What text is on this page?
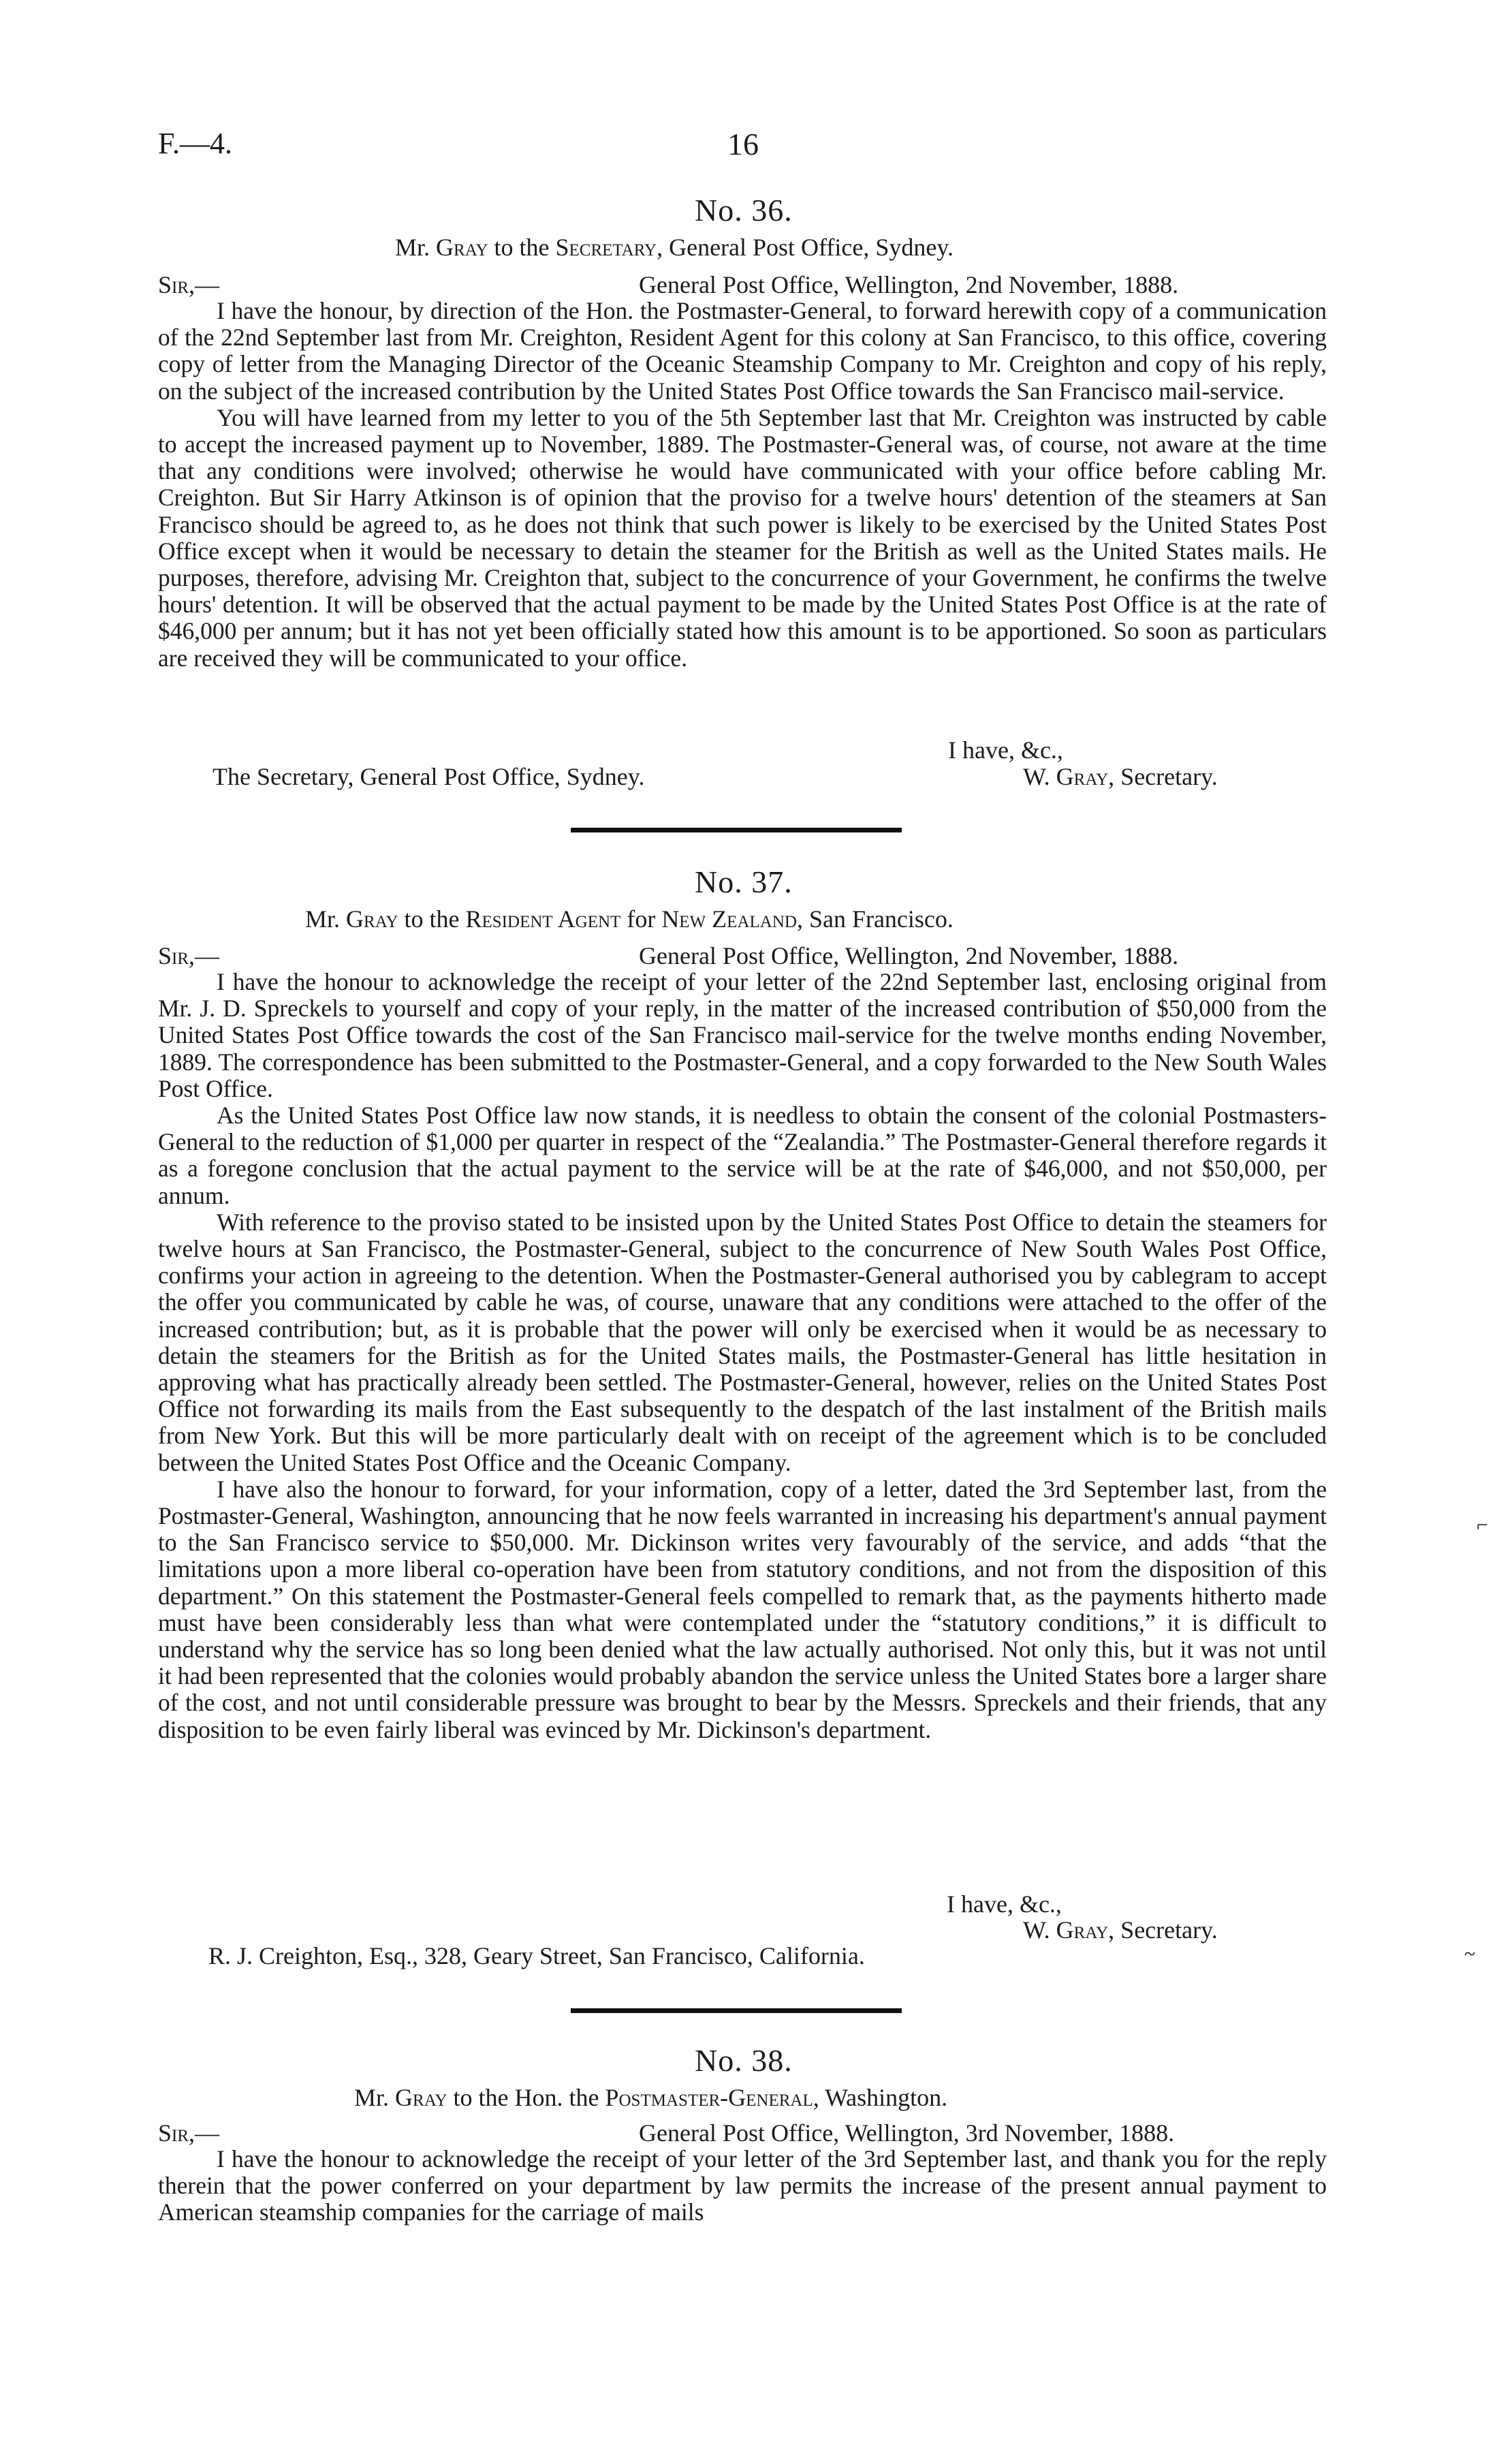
F.—4.	16
No. 36.
Mr. Gray to the Secretary, General Post Office, Sydney.
Sir,—	General Post Office, Wellington, 2nd November, 1888.

I have the honour, by direction of the Hon. the Postmaster-General, to forward herewith copy of a communication of the 22nd September last from Mr. Creighton, Resident Agent for this colony at San Francisco, to this office, covering copy of letter from the Managing Director of the Oceanic Steamship Company to Mr. Creighton and copy of his reply, on the subject of the increased contribution by the United States Post Office towards the San Francisco mail-service.

You will have learned from my letter to you of the 5th September last that Mr. Creighton was instructed by cable to accept the increased payment up to November, 1889. The Postmaster-General was, of course, not aware at the time that any conditions were involved; otherwise he would have communicated with your office before cabling Mr. Creighton. But Sir Harry Atkinson is of opinion that the proviso for a twelve hours' detention of the steamers at San Francisco should be agreed to, as he does not think that such power is likely to be exercised by the United States Post Office except when it would be necessary to detain the steamer for the British as well as the United States mails. He purposes, therefore, advising Mr. Creighton that, subject to the concurrence of your Government, he confirms the twelve hours' detention. It will be observed that the actual payment to be made by the United States Post Office is at the rate of $46,000 per annum; but it has not yet been officially stated how this amount is to be apportioned. So soon as particulars are received they will be communicated to your office.

I have, &c.,
The Secretary, General Post Office, Sydney.	W. Gray, Secretary.
No. 37.
Mr. Gray to the Resident Agent for New Zealand, San Francisco.
Sir,—	General Post Office, Wellington, 2nd November, 1888.

I have the honour to acknowledge the receipt of your letter of the 22nd September last, enclosing original from Mr. J. D. Spreckels to yourself and copy of your reply, in the matter of the increased contribution of $50,000 from the United States Post Office towards the cost of the San Francisco mail-service for the twelve months ending November, 1889. The correspondence has been submitted to the Postmaster-General, and a copy forwarded to the New South Wales Post Office.

As the United States Post Office law now stands, it is needless to obtain the consent of the colonial Postmasters-General to the reduction of $1,000 per quarter in respect of the “Zealandia.” The Postmaster-General therefore regards it as a foregone conclusion that the actual payment to the service will be at the rate of $46,000, and not $50,000, per annum.

With reference to the proviso stated to be insisted upon by the United States Post Office to detain the steamers for twelve hours at San Francisco, the Postmaster-General, subject to the concurrence of New South Wales Post Office, confirms your action in agreeing to the detention. When the Postmaster-General authorised you by cablegram to accept the offer you communicated by cable he was, of course, unaware that any conditions were attached to the offer of the increased contribution; but, as it is probable that the power will only be exercised when it would be as necessary to detain the steamers for the British as for the United States mails, the Postmaster-General has little hesitation in approving what has practically already been settled. The Postmaster-General, however, relies on the United States Post Office not forwarding its mails from the East subsequently to the despatch of the last instalment of the British mails from New York. But this will be more particularly dealt with on receipt of the agreement which is to be concluded between the United States Post Office and the Oceanic Company.

I have also the honour to forward, for your information, copy of a letter, dated the 3rd September last, from the Postmaster-General, Washington, announcing that he now feels warranted in increasing his department's annual payment to the San Francisco service to $50,000. Mr. Dickinson writes very favourably of the service, and adds “that the limitations upon a more liberal co-operation have been from statutory conditions, and not from the disposition of this department.” On this statement the Postmaster-General feels compelled to remark that, as the payments hitherto made must have been considerably less than what were contemplated under the “statutory conditions,” it is difficult to understand why the service has so long been denied what the law actually authorised. Not only this, but it was not until it had been represented that the colonies would probably abandon the service unless the United States bore a larger share of the cost, and not until considerable pressure was brought to bear by the Messrs. Spreckels and their friends, that any disposition to be even fairly liberal was evinced by Mr. Dickinson's department.

I have, &c.,
W. Gray, Secretary.
R. J. Creighton, Esq., 328, Geary Street, San Francisco, California.
⌐
~
No. 38.
Mr. Gray to the Hon. the Postmaster-General, Washington.
Sir,—	General Post Office, Wellington, 3rd November, 1888.

I have the honour to acknowledge the receipt of your letter of the 3rd September last, and thank you for the reply therein that the power conferred on your department by law permits the increase of the present annual payment to American steamship companies for the carriage of mails
